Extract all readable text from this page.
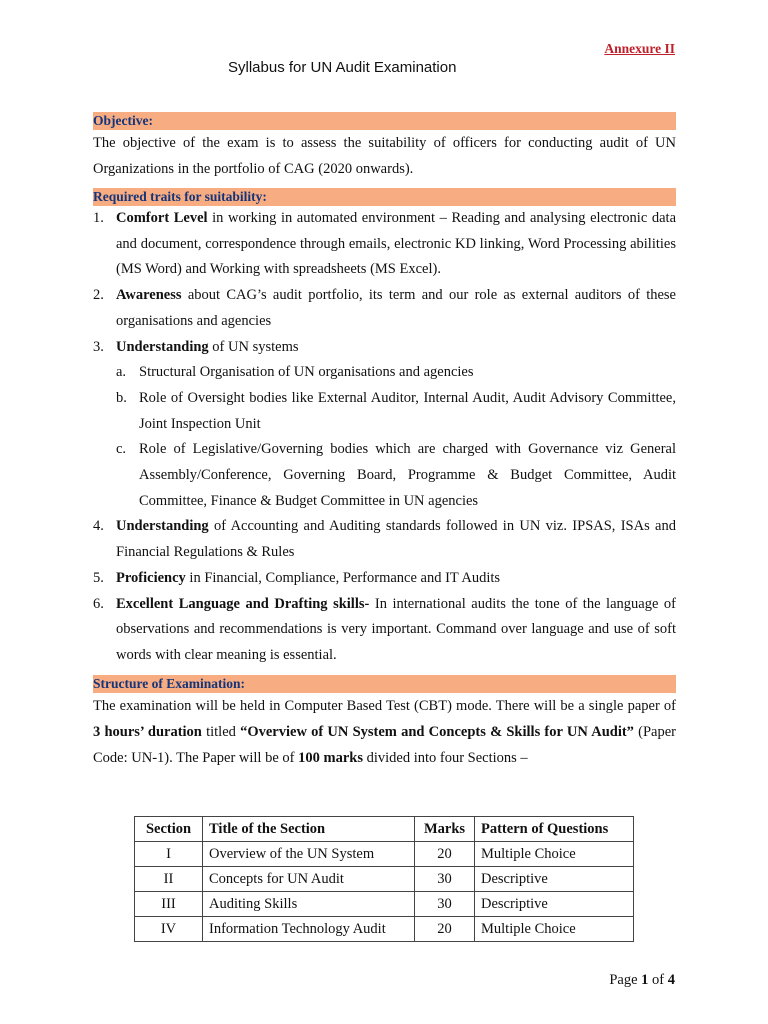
Annexure II
Syllabus for UN Audit Examination
Objective:
The objective of the exam is to assess the suitability of officers for conducting audit of UN Organizations in the portfolio of CAG (2020 onwards).
Required traits for suitability:
1. Comfort Level in working in automated environment – Reading and analysing electronic data and document, correspondence through emails, electronic KD linking, Word Processing abilities (MS Word) and Working with spreadsheets (MS Excel).
2. Awareness about CAG’s audit portfolio, its term and our role as external auditors of these organisations and agencies
3. Understanding of UN systems
a. Structural Organisation of UN organisations and agencies
b. Role of Oversight bodies like External Auditor, Internal Audit, Audit Advisory Committee, Joint Inspection Unit
c. Role of Legislative/Governing bodies which are charged with Governance viz General Assembly/Conference, Governing Board, Programme & Budget Committee, Audit Committee, Finance & Budget Committee in UN agencies
4. Understanding of Accounting and Auditing standards followed in UN viz. IPSAS, ISAs and Financial Regulations & Rules
5. Proficiency in Financial, Compliance, Performance and IT Audits
6. Excellent Language and Drafting skills- In international audits the tone of the language of observations and recommendations is very important. Command over language and use of soft words with clear meaning is essential.
Structure of Examination:
The examination will be held in Computer Based Test (CBT) mode. There will be a single paper of 3 hours’ duration titled “Overview of UN System and Concepts & Skills for UN Audit” (Paper Code: UN-1). The Paper will be of 100 marks divided into four Sections –
Section	Title of the Section	Marks	Pattern of Questions
I	Overview of the UN System	20	Multiple Choice
II	Concepts for UN Audit	30	Descriptive
III	Auditing Skills	30	Descriptive
IV	Information Technology Audit	20	Multiple Choice
Page 1 of 4
